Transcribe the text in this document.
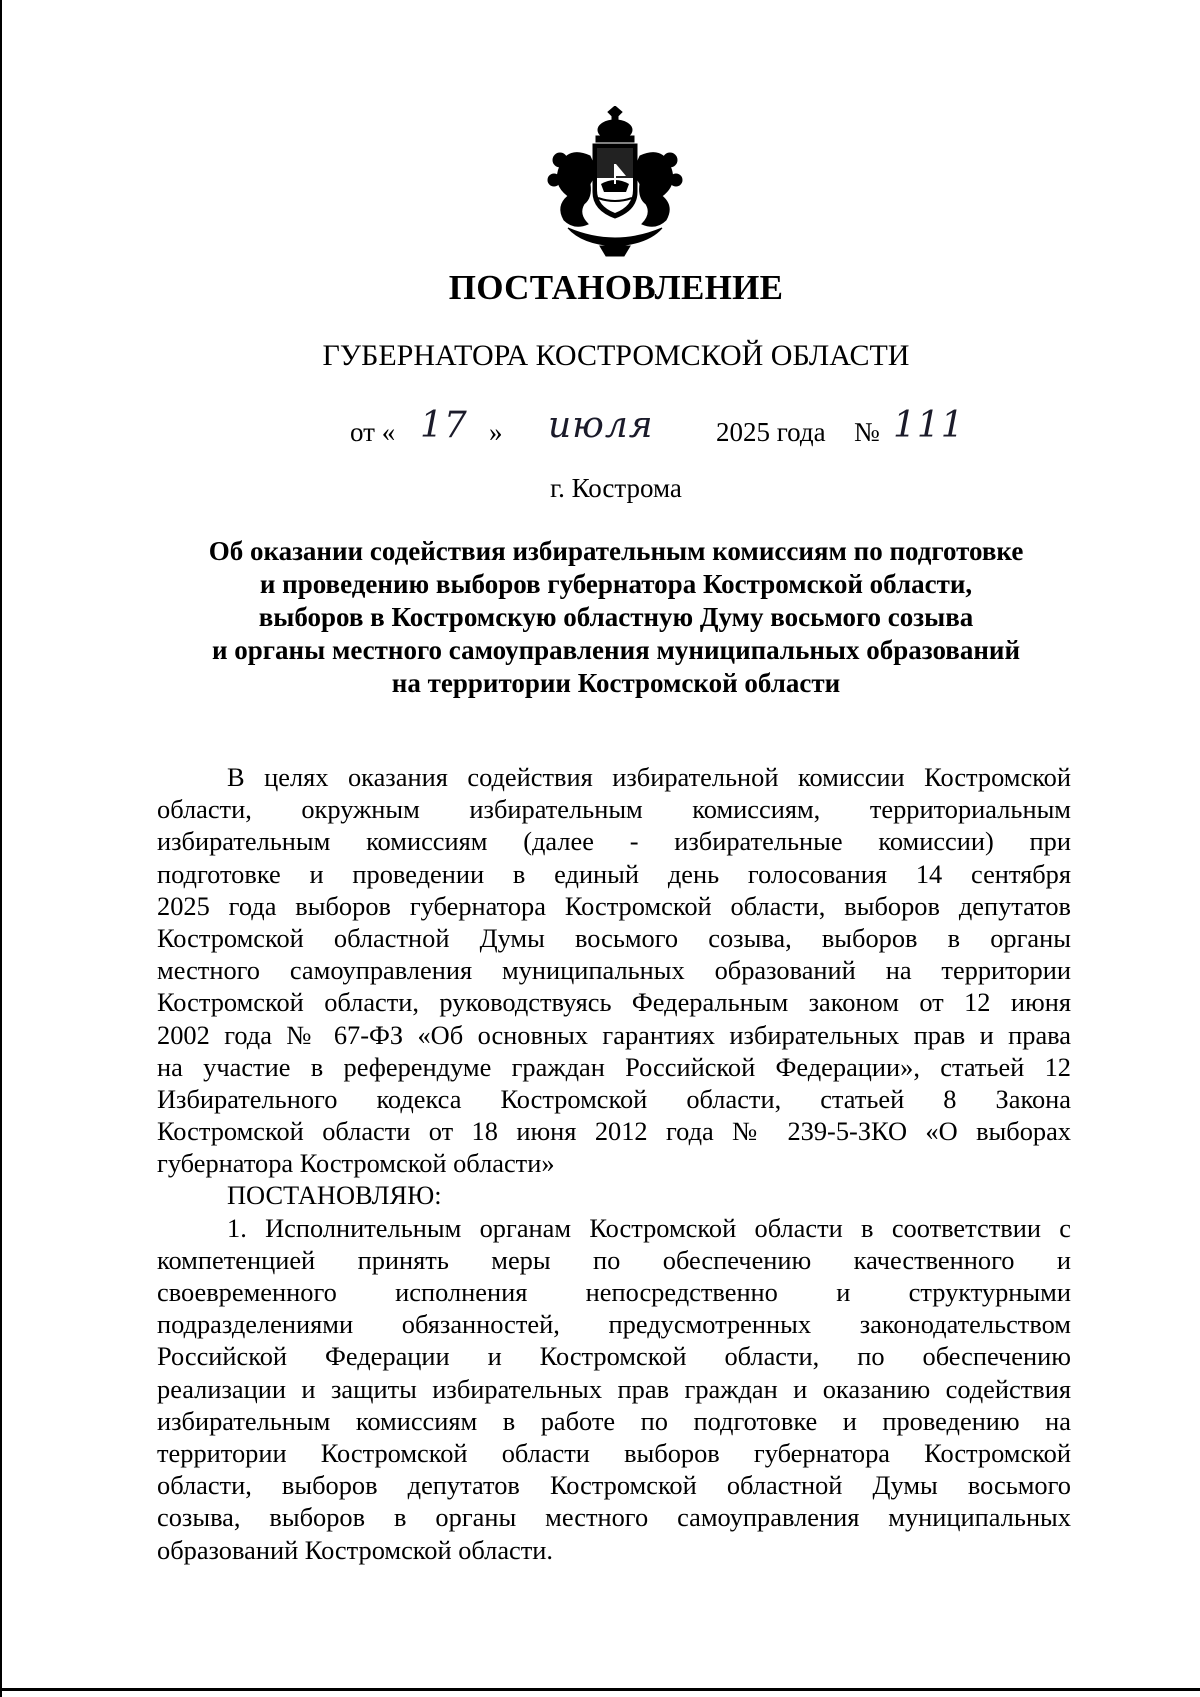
ПОСТАНОВЛЕНИЕ
ГУБЕРНАТОРА КОСТРОМСКОЙ ОБЛАСТИ
от « 17 » июля 2025 года № 111
г. Кострома
Об оказании содействия избирательным комиссиям по подготовке
и проведению выборов губернатора Костромской области,
выборов в Костромскую областную Думу восьмого созыва
и органы местного самоуправления муниципальных образований
на территории Костромской области
В целях оказания содействия избирательной комиссии Костромской
области, окружным избирательным комиссиям, территориальным
избирательным комиссиям (далее - избирательные комиссии) при
подготовке и проведении в единый день голосования 14 сентября
2025 года выборов губернатора Костромской области, выборов депутатов
Костромской областной Думы восьмого созыва, выборов в органы
местного самоуправления муниципальных образований на территории
Костромской области, руководствуясь Федеральным законом от 12 июня
2002 года № 67-ФЗ «Об основных гарантиях избирательных прав и права
на участие в референдуме граждан Российской Федерации», статьей 12
Избирательного кодекса Костромской области, статьей 8 Закона
Костромской области от 18 июня 2012 года № 239-5-ЗКО «О выборах
губернатора Костромской области»
ПОСТАНОВЛЯЮ:
1. Исполнительным органам Костромской области в соответствии с
компетенцией принять меры по обеспечению качественного и
своевременного исполнения непосредственно и структурными
подразделениями обязанностей, предусмотренных законодательством
Российской Федерации и Костромской области, по обеспечению
реализации и защиты избирательных прав граждан и оказанию содействия
избирательным комиссиям в работе по подготовке и проведению на
территории Костромской области выборов губернатора Костромской
области, выборов депутатов Костромской областной Думы восьмого
созыва, выборов в органы местного самоуправления муниципальных
образований Костромской области.
